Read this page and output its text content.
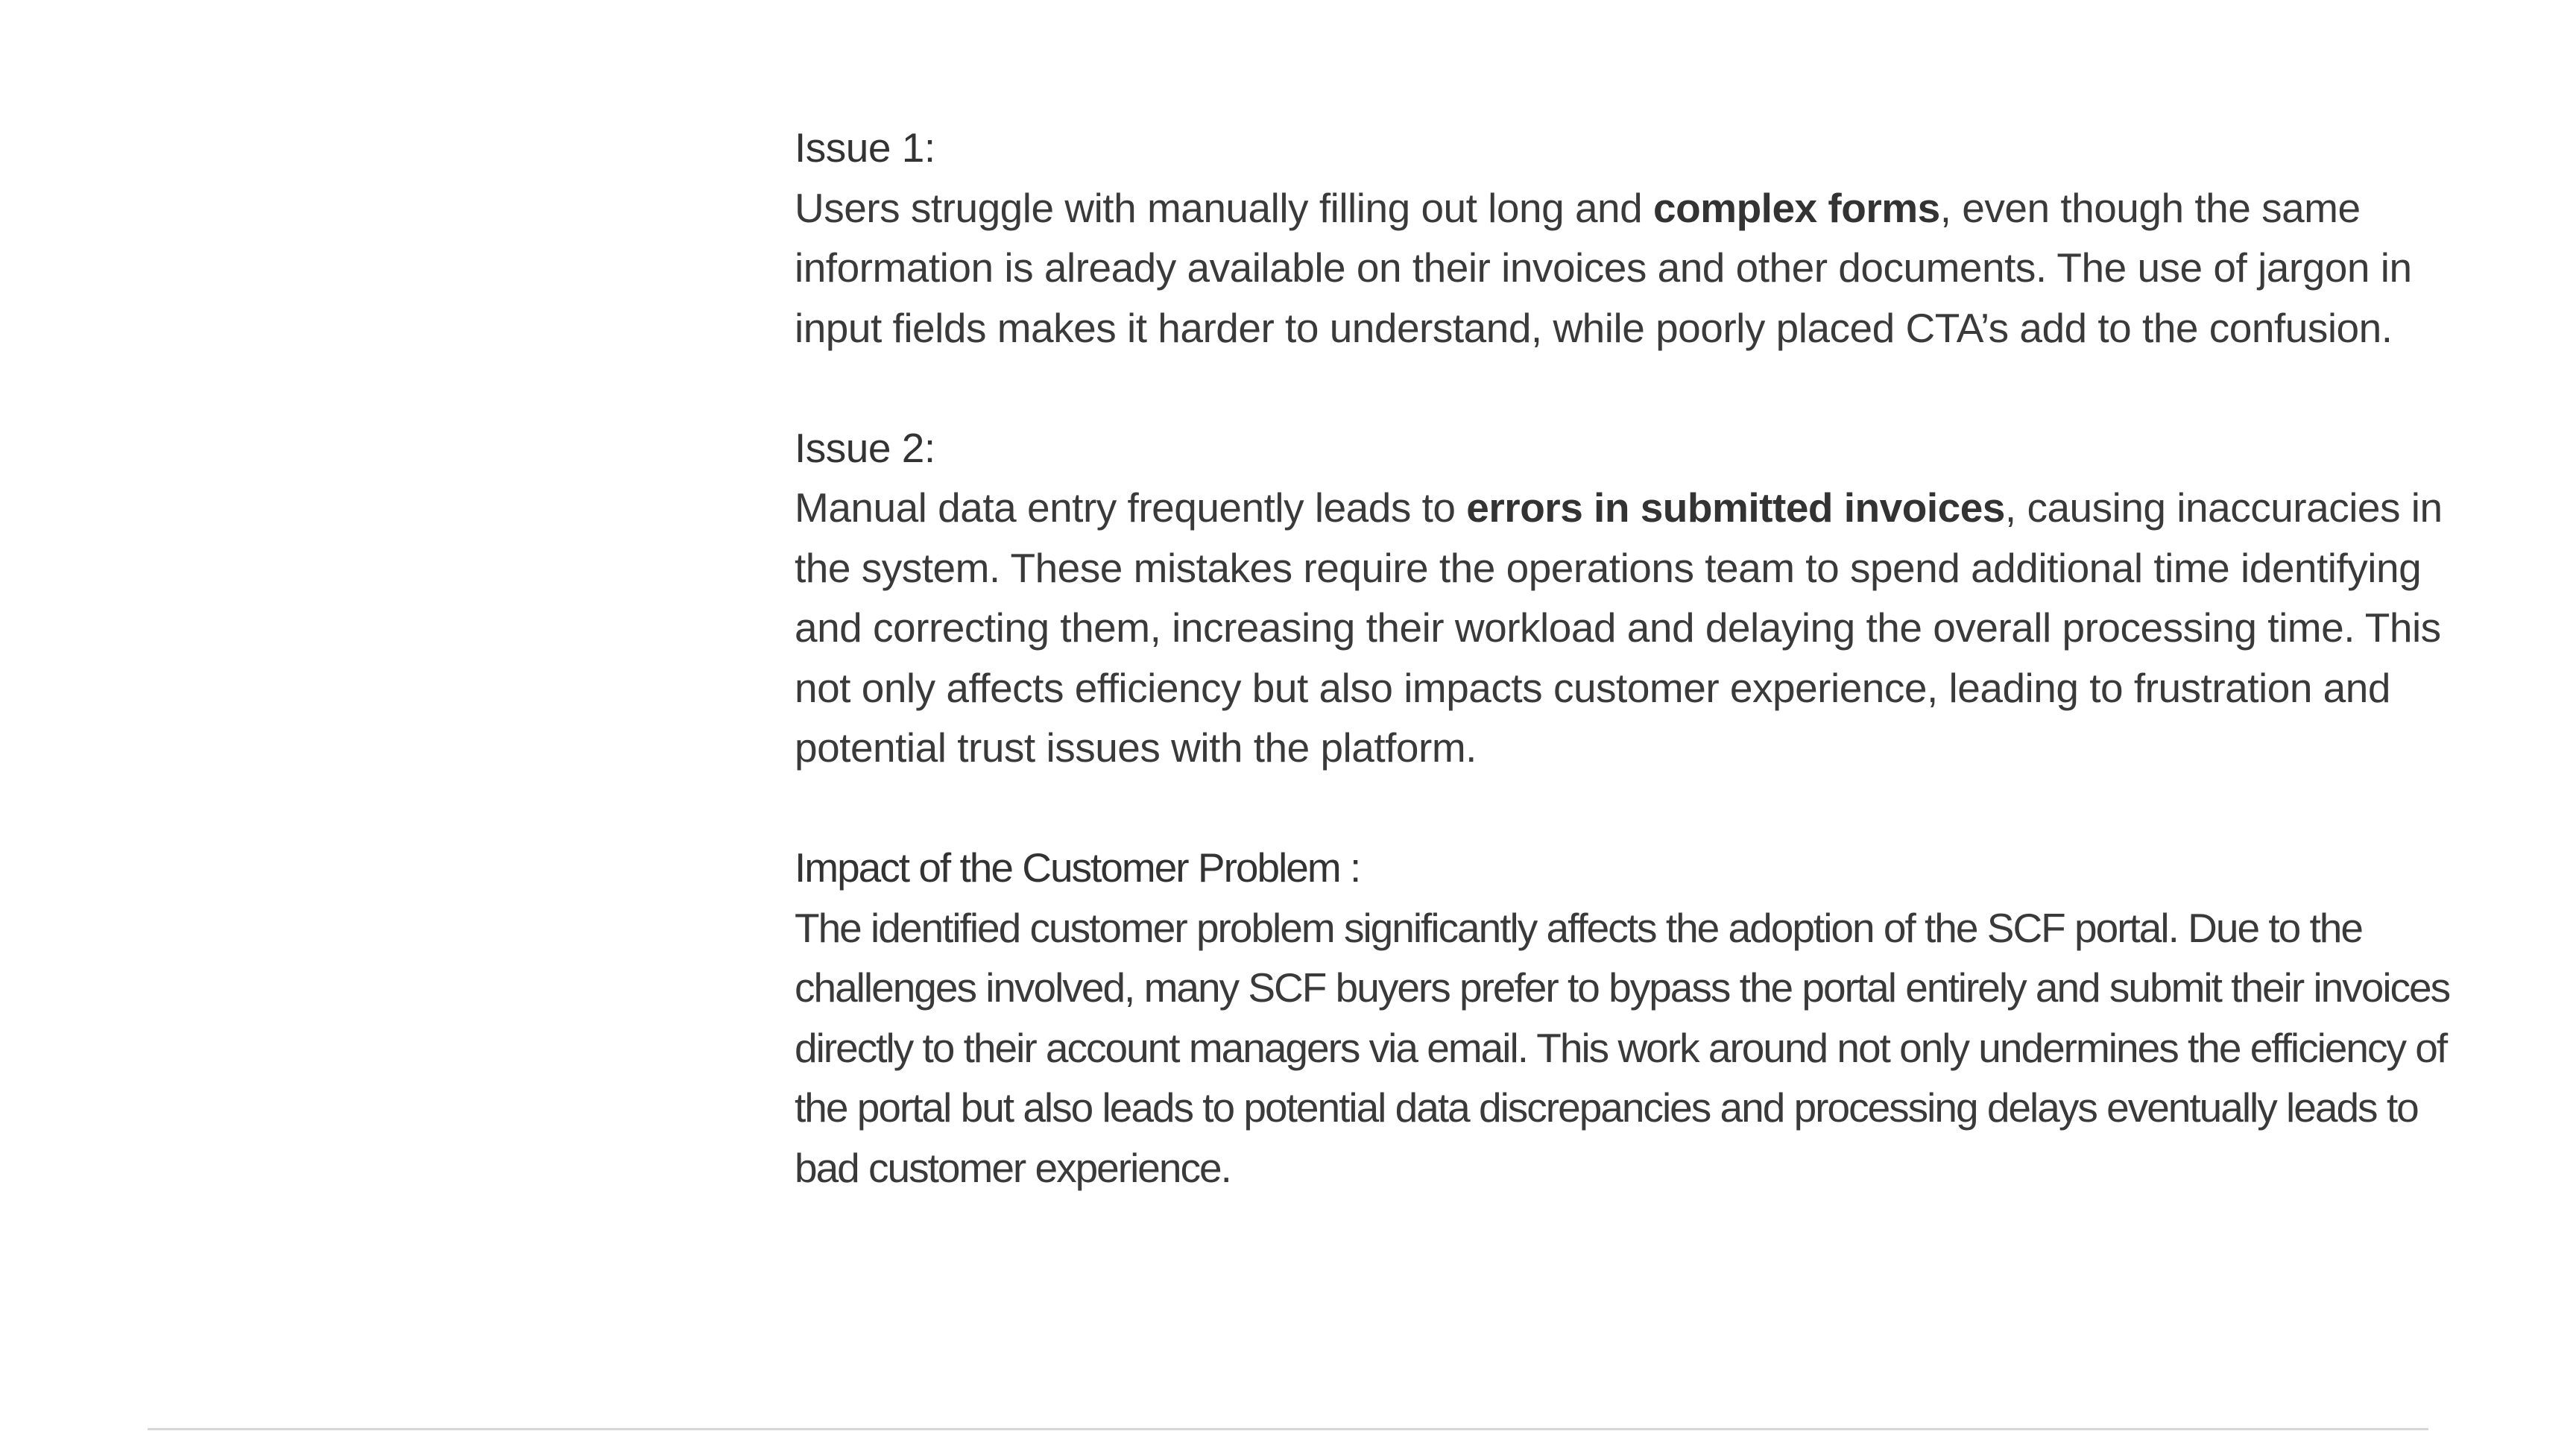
Issue 1:
Users struggle with manually filling out long and complex forms, even though the same information is already available on their invoices and other documents. The use of jargon in input fields makes it harder to understand, while poorly placed CTA’s add to the confusion.
Issue 2:
Manual data entry frequently leads to errors in submitted invoices, causing inaccuracies in the system. These mistakes require the operations team to spend additional time identifying and correcting them, increasing their workload and delaying the overall processing time. This not only affects efficiency but also impacts customer experience, leading to frustration and potential trust issues with the platform.
Impact of the Customer Problem :
The identified customer problem significantly affects the adoption of the SCF portal. Due to the challenges involved, many SCF buyers prefer to bypass the portal entirely and submit their invoices directly to their account managers via email. This work around not only undermines the efficiency of the portal but also leads to potential data discrepancies and processing delays eventually leads to bad customer experience.
